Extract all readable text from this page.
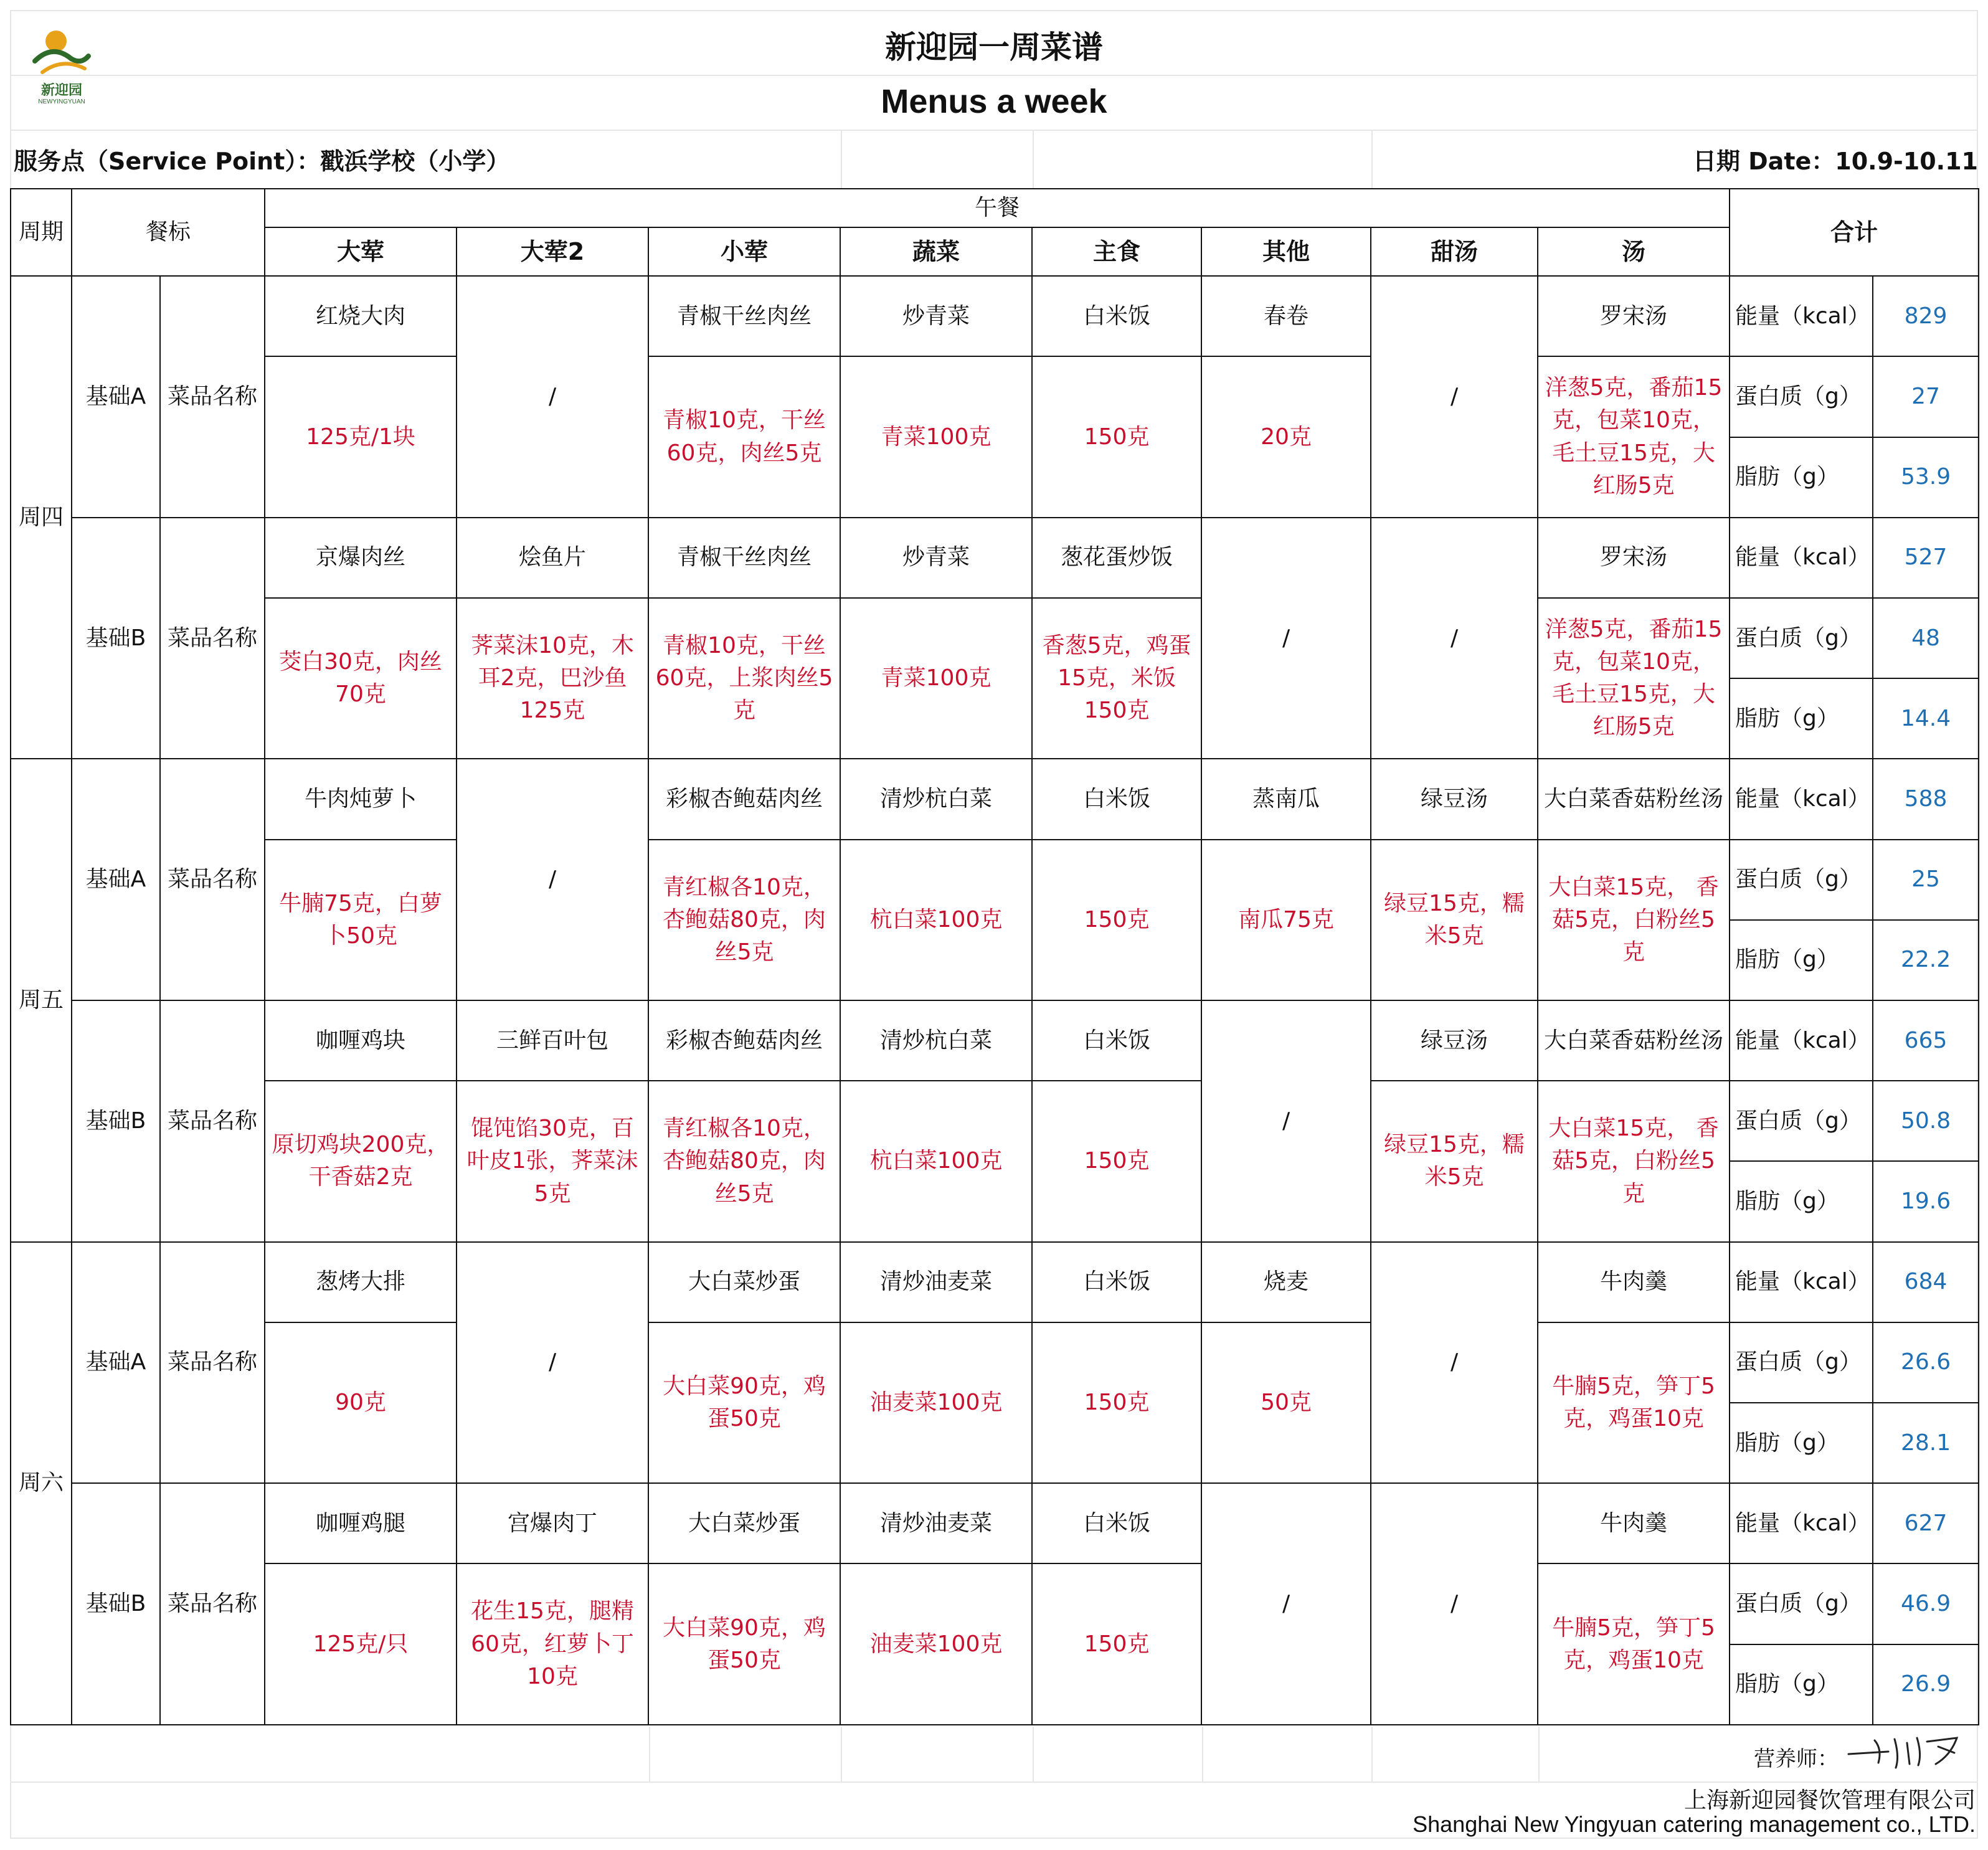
新迎园
NEWYINGYUAN
新迎园一周菜谱
Menus a week
服务点（Service Point）：戳浜学校（小学）	日期 Date：10.9-10.11
周期	餐标		午餐								合计	
			大荤	大荤2	小荤	蔬菜	主食	其他	甜汤	汤		
周四	基础A	菜品名称	红烧大肉	/	青椒干丝肉丝	炒青菜	白米饭	春卷	/	罗宋汤	能量（kcal）	829
			125克/1块		青椒10克，干丝60克，肉丝5克	青菜100克	150克	20克		洋葱5克，番茄15克，包菜10克，毛土豆15克，大红肠5克	蛋白质（g）	27
											脂肪（g）	53.9
	基础B	菜品名称	京爆肉丝	烩鱼片	青椒干丝肉丝	炒青菜	葱花蛋炒饭	/	/	罗宋汤	能量（kcal）	527
			茭白30克，肉丝70克	荠菜沫10克，木耳2克，巴沙鱼125克	青椒10克，干丝60克，上浆肉丝5克	青菜100克	香葱5克，鸡蛋15克，米饭150克			洋葱5克，番茄15克，包菜10克，毛土豆15克，大红肠5克	蛋白质（g）	48
											脂肪（g）	14.4
周五	基础A	菜品名称	牛肉炖萝卜	/	彩椒杏鲍菇肉丝	清炒杭白菜	白米饭	蒸南瓜	绿豆汤	大白菜香菇粉丝汤	能量（kcal）	588
			牛腩75克，白萝卜50克		青红椒各10克，杏鲍菇80克，肉丝5克	杭白菜100克	150克	南瓜75克	绿豆15克，糯米5克	大白菜15克， 香菇5克，白粉丝5克	蛋白质（g）	25
											脂肪（g）	22.2
	基础B	菜品名称	咖喱鸡块	三鲜百叶包	彩椒杏鲍菇肉丝	清炒杭白菜	白米饭	/	绿豆汤	大白菜香菇粉丝汤	能量（kcal）	665
			原切鸡块200克，干香菇2克	馄饨馅30克，百叶皮1张，荠菜沫5克	青红椒各10克，杏鲍菇80克，肉丝5克	杭白菜100克	150克		绿豆15克，糯米5克	大白菜15克， 香菇5克，白粉丝5克	蛋白质（g）	50.8
											脂肪（g）	19.6
周六	基础A	菜品名称	葱烤大排	/	大白菜炒蛋	清炒油麦菜	白米饭	烧麦	/	牛肉羹	能量（kcal）	684
			90克		大白菜90克，鸡蛋50克	油麦菜100克	150克	50克		牛腩5克，笋丁5克，鸡蛋10克	蛋白质（g）	26.6
											脂肪（g）	28.1
	基础B	菜品名称	咖喱鸡腿	宫爆肉丁	大白菜炒蛋	清炒油麦菜	白米饭	/	/	牛肉羹	能量（kcal）	627
			125克/只	花生15克，腿精60克，红萝卜丁10克	大白菜90克，鸡蛋50克	油麦菜100克	150克			牛腩5克，笋丁5克，鸡蛋10克	蛋白质（g）	46.9
											脂肪（g）	26.9
营养师：
上海新迎园餐饮管理有限公司
Shanghai New Yingyuan catering management co., LTD.
